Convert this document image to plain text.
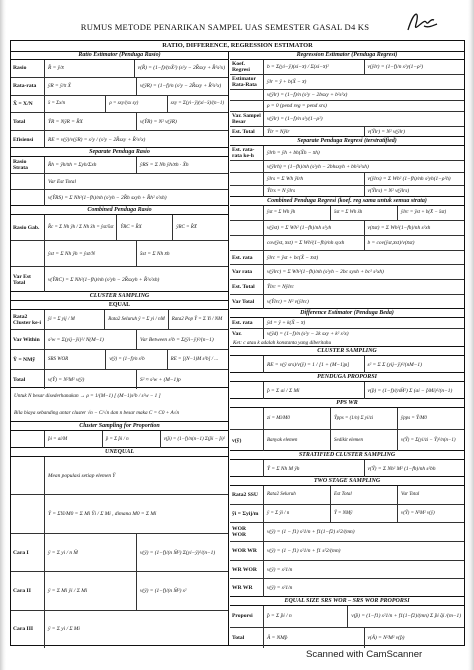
RUMUS METODE PENARIKAN SAMPEL UAS SEMESTER GASAL D4 KS
RATIO, DIFFERENCE, REGRESSION ESTIMATOR
Ratio Estimator (Penduga Rasio)
Rasio	R̂ = ȳ/x̄	v(R̂) = (1−f)/(nX̄²) (s²y − 2R̂sxy + R̂²s²x)
Rata-rata	ȳR = ȳ/x̄ X̄	v(ȳR) = (1−f)/n (s²y − 2R̂sxy + R̂²s²x)
X̄ = X/N	x̄ = Σx/n	ρ = sxy/(sx sy)	sxy = Σ(yi−ȳ)(xi−x̄)/(n−1)
Total	ŶR = NȳR = R̂X	v(ŶR) = N² v(ȳR)
Efisiensi	RE = v(ȳ)/v(ȳR) = s²y / (s²y − 2R̂sxy + R̂²s²x)
Separate Penduga Rasio
Rasio Strata	R̂h = ȳh/x̄h = Σyh/Σxh	ŷRS = Σ Nh ȳh/x̄h · X̄h
Var Est Total
v(ŶRS) = Σ Nh²(1−fh)/nh (s²yh − 2R̂h sxyh + R̂h² s²xh)
Combined Penduga Rasio
Rasio Gab.	R̂c = Σ Nh ȳh / Σ Nh x̄h = ŷst/x̂st	ŶRC = R̂X	ȳRC = R̂X̄
ŷst = Σ Nh ȳh = ŷst/N	x̂st = Σ Nh x̄h
Var Est Total	v(ŶRC) = Σ Nh²(1−fh)/nh (s²yh − 2R̂sxyh + R̂²s²xh)
CLUSTER SAMPLING
EQUAL
Rata2 Cluster ke-i	ȳi = Σ yij / M	Rata2 Seluruh ȳ = Σ yi / nM	Rata2 Pop Ȳ = Σ Yi / NM
Var Within	s²w = Σ(yij−ȳi)²/ N(M−1)	Var Between s²b = Σ(ȳi−ȳ)²/(n−1)
Ŷ = NMȳ	SRS WOR	v(ŷ) = (1−f)/n s²b	RE = [(N−1)M s²b] / ...
Total	v(Ŷ) = N²M² v(ȳ)	S² ≈ s²w + (M−1)p
Untuk N besar disederhanakan → ρ = 1/(M−1) [ (M−1)s²b / s²w − 1 ]
Bila biaya sebanding antar cluster √n − C/√n dan n besar maka C = C0 + A√n
Cluster Sampling for Proportion
p̂i = ai/M	p̂ = Σ p̂i / n	v(p̂) = (1−f)/n(n−1) Σ(p̂i − p̂)²
UNEQUAL
Mean populasi setiap elemen Ȳ
Ȳ = ΣYi/M0 = Σ Mi Ȳi / Σ Mi , dimana M0 = Σ Mi
Cara I	ȳ = Σ yi / n M̄	v(ȳ) = (1−f)/(n M̄²) Σ(yi−ȳ)²/(n−1)
Cara II	ȳ = Σ Mi ȳi / Σ Mi	v(ȳ) = (1−f)/(n M̄²) s²
Cara III	ȳ = Σ yi / Σ Mi
Regression Estimator (Penduga Regresi)
Koef. Regresi	b = Σ(yi−ȳ)(xi−x̄) / Σ(xi−x̄)²	v(ȳlr) = (1−f)/n s²y(1−ρ²)
Estimator Rata-Rata	ȳlr = ȳ + b(X̄ − x̄)
v(ȳlr) = (1−f)/n (s²y − 2bsxy + b²s²x)
ρ = 0 (pend reg = pend srs)
Var. Sampel Besar	v(ȳlr) = (1−f)/n s²y(1−ρ²)
Est. Total	Ŷlr = Nȳlr	v(Ŷlr) = N² v(ȳlr)
Separate Penduga Regresi (terstratified)
Est. rata-rata ke-h	ȳlrh = ȳh + bh(X̄h − x̄h)
v(ȳlrh) = (1−fh)/nh (s²yh − 2bhsxyh + bh²s²xh)
ȳlrs = Σ Wh ȳlrh	v(ȳlrs) = Σ Wh² (1−fh)/nh s²yh(1−ρ²h)
Ŷlrs = N ȳlrs	v(Ŷlrs) = N² v(ȳlrs)
Combined Penduga Regresi (koef. reg sama untuk semua strata)
ȳst = Σ Wh ȳh	x̄st = Σ Wh x̄h	ȳlrc = ȳst + b(X̄ − x̄st)
v(ȳst) = Σ Wh² (1−fh)/nh s²yh	v(x̄st) = Σ Wh²(1−fh)/nh s²xh
cov(ȳst, x̄st) = Σ Wh²(1−fh)/nh syxh	b = cov(ȳst,x̄st)/v(x̄st)
Est. rata	ȳlrc = ȳst + bc(X̄ − x̄st)
Var rata	v(ȳlrc) = Σ Wh²(1−fh)/nh (s²yh − 2bc syxh + bc² s²xh)
Est. Total	Ŷlrc = Nȳlrc
Var Total	v(Ŷlrc) = N² v(ȳlrc)
Difference Estimator (Penduga Beda)
Est. rata	ȳd = ȳ + k(X̄ − x̄)
Var.	v(ȳd) = (1−f)/n (s²y − 2k sxy + k² s²x)
Ket: c atau k adalah konstanta yang diberitahu
CLUSTER SAMPLING
RE = v(ȳ srs)/v(ȳ) = 1 / [1 + (M−1)ρ]	s² = Σ Σ (yij−ȳ)²/(nM−1)
PENDUGA PROPORSI
p̂ = Σ ai / Σ Mi	v(p̂) = (1−f)/(nM̄²) Σ (ai − p̂Mi)²/(n−1)
PPS WR
zi = Mi/M0	Ŷpps = (1/n) Σ yi/zi	ȳpps = Ŷ/M0
v(ȳ)	Banyak elemen	Sedikit elemen	v(Ŷ) = Σ(yi/zi − Ŷ)²/n(n−1)
STRATIFIED CLUSTER SAMPLING
Ŷ = Σ Nh M ȳh	v(Ŷ) = Σ Nh² M² (1−fh)/nh s²bh
TWO STAGE SAMPLING
Rata2 SSU	Rata2 Seluruh	Est Total	Var Total
ȳi = Σyij/m	ȳ = Σ ȳi / n	Ŷ = NMȳ	v(Ŷ) = N²M² v(ȳ)
WOR WOR	v(ȳ) = (1 − f1) s²1/n + f1(1−f2) s²2/(mn)
WOR WR	v(ȳ) = (1 − f1) s²1/n + f1 s²2/(mn)
WR WOR	v(ȳ) = s²1/n
WR WR	v(ȳ) = s²1/n
EQUAL SIZE SRS WOR – SRS WOR PROPORSI
Proporsi	p̂ = Σ p̂i / n	v(p̂) = (1−f1) s²1/n + f1(1−f2)/(mn) Σ p̂i q̂i /(m−1)
Total	Â = NMp̂	v(Â) = N²M² v(p̂)
Scanned with CamScanner
